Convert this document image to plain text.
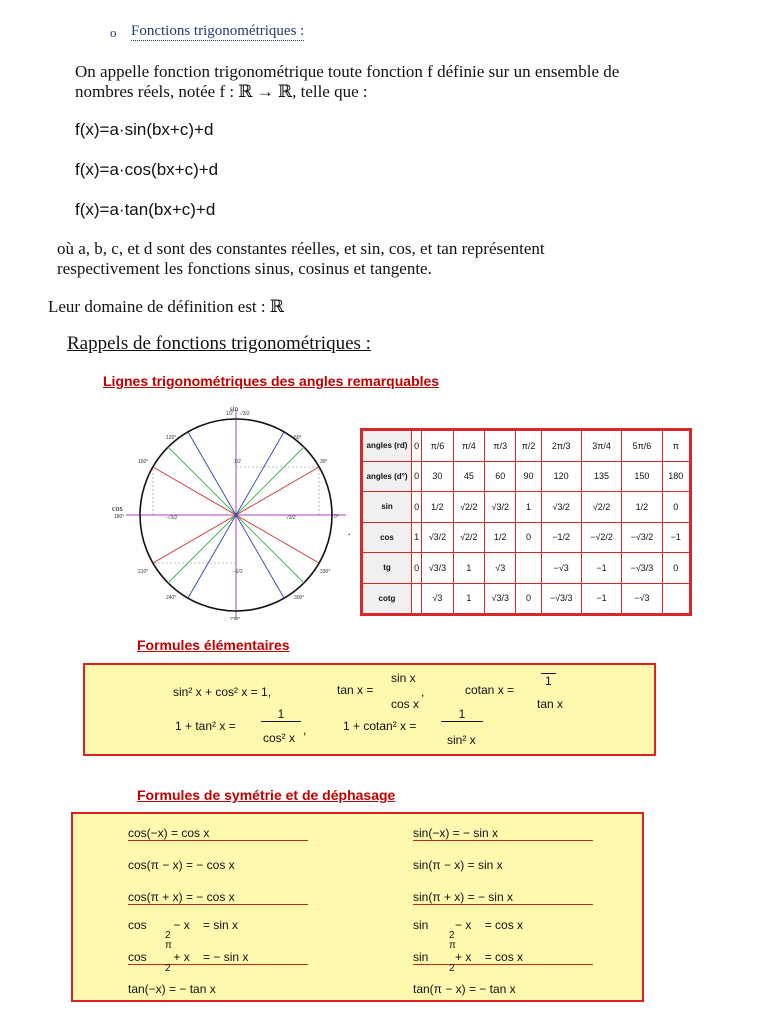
o Fonctions trigonométriques :
On appelle fonction trigonométrique toute fonction f définie sur un ensemble de
nombres réels, notée f : ℝ → ℝ, telle que :
f(x)=a·sin(bx+c)+d
f(x)=a·cos(bx+c)+d
f(x)=a·tan(bx+c)+d
où a, b, c, et d sont des constantes réelles, et sin, cos, et tan représentent
respectivement les fonctions sinus, cosinus et tangente.
Leur domaine de définition est : ℝ
Rappels de fonctions trigonométriques :
Lignes trigonométriques des angles remarquables
1/2 √3/2
120°	60°
150°	30°
180°	0°
210°	330°
240°	300°
270°
-√3/2	√3/2
1/2
-1/2
cos
sin
.
angles (rd)	0	π/6	π/4	π/3	π/2	2π/3	3π/4	5π/6	π
angles (d°)	0	30	45	60	90	120	135	150	180
sin	0	1/2	√2/2	√3/2	1	√3/2	√2/2	1/2	0
cos	1	√3/2	√2/2	1/2	0	−1/2	−√2/2	−√3/2	−1
tg	0	√3/3	1	√3		−√3	−1	−√3/3	0
cotg		√3	1	√3/3	0	−√3/3	−1	−√3	
Formules élémentaires
sin² x + cos² x = 1,	tan x =
sin x
cos x
,	cotan x =
1
tan x
1 + tan² x =
1
cos² x
,	1 + cotan² x =
1
sin² x
Formules de symétrie et de déphasage
cos(−x) = cos x
cos(π − x) = − cos x
cos(π + x) = − cos x
cos        − x    = sin x
2
π
cos        + x    = − sin x
2
tan(−x) = − tan x
sin(−x) = − sin x
sin(π − x) = sin x
sin(π + x) = − sin x
sin        − x    = cos x
2
π
sin        + x    = cos x
2
tan(π − x) = − tan x
